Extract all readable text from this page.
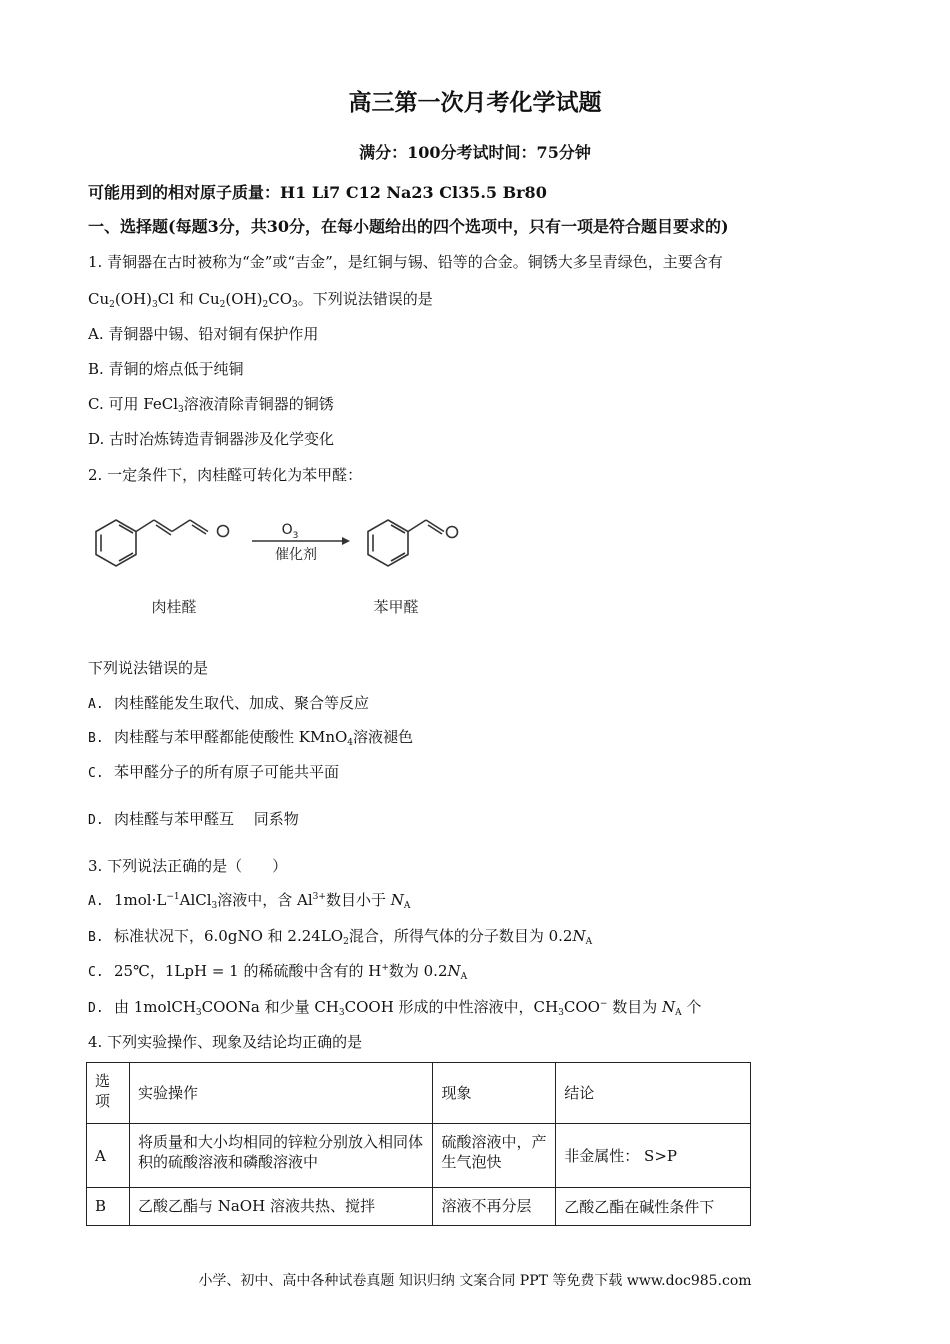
高三第一次月考化学试题
满分：100分考试时间：75分钟
可能用到的相对原子质量：H1 Li7 C12 Na23 Cl35.5 Br80
一、选择题(每题3分，共30分，在每小题给出的四个选项中，只有一项是符合题目要求的)
1. 青铜器在古时被称为“金”或“吉金”，是红铜与锡、铅等的合金。铜锈大多呈青绿色，主要含有
$Cu_2(OH)_3Cl$ 和 $Cu_2(OH)_2CO_3$。下列说法错误的是
A. 青铜器中锡、铅对铜有保护作用
B. 青铜的熔点低于纯铜
C. 可用 FeCl$_3$溶液清除青铜器的铜锈
D. 古时冶炼铸造青铜器涉及化学变化
2. 一定条件下，肉桂醛可转化为苯甲醛：
$O_3$
催化剂
肉桂醛	苯甲醛
下列说法错误的是
A. 肉桂醛能发生取代、加成、聚合等反应
B. 肉桂醛与苯甲醛都能使酸性 KMnO$_4$溶液褪色
C. 苯甲醛分子的所有原子可能共平面
D. 肉桂醛与苯甲醛互　 同系物
3. 下列说法正确的是（　　）
A. $1mol\cdot L^{-1}AlCl_3$溶液中，含 $Al^{3+}$数目小于 $N_A$
B. 标准状况下，6.0gNO 和 $2.24LO_2$混合，所得气体的分子数目为 $0.2N_A$
C. 25℃，1LpH = 1 的稀硫酸中含有的 H+数为 $0.2N_A$
D. 由 1molCH$_3$COONa 和少量 $CH_3COOH$ 形成的中性溶液中，$CH_3COO^-$ 数目为 $N_A$ 个
4. 下列实验操作、现象及结论均正确的是
选项	实验操作	现象	结论
A	将质量和大小均相同的锌粒分别放入相同体积的硫酸溶液和磷酸溶液中	硫酸溶液中，产生气泡快	非金属性： S>P
B	乙酸乙酯与 NaOH 溶液共热、搅拌	溶液不再分层	乙酸乙酯在碱性条件下
小学、初中、高中各种试卷真题 知识归纳 文案合同 PPT 等免费下载 www.doc985.com
